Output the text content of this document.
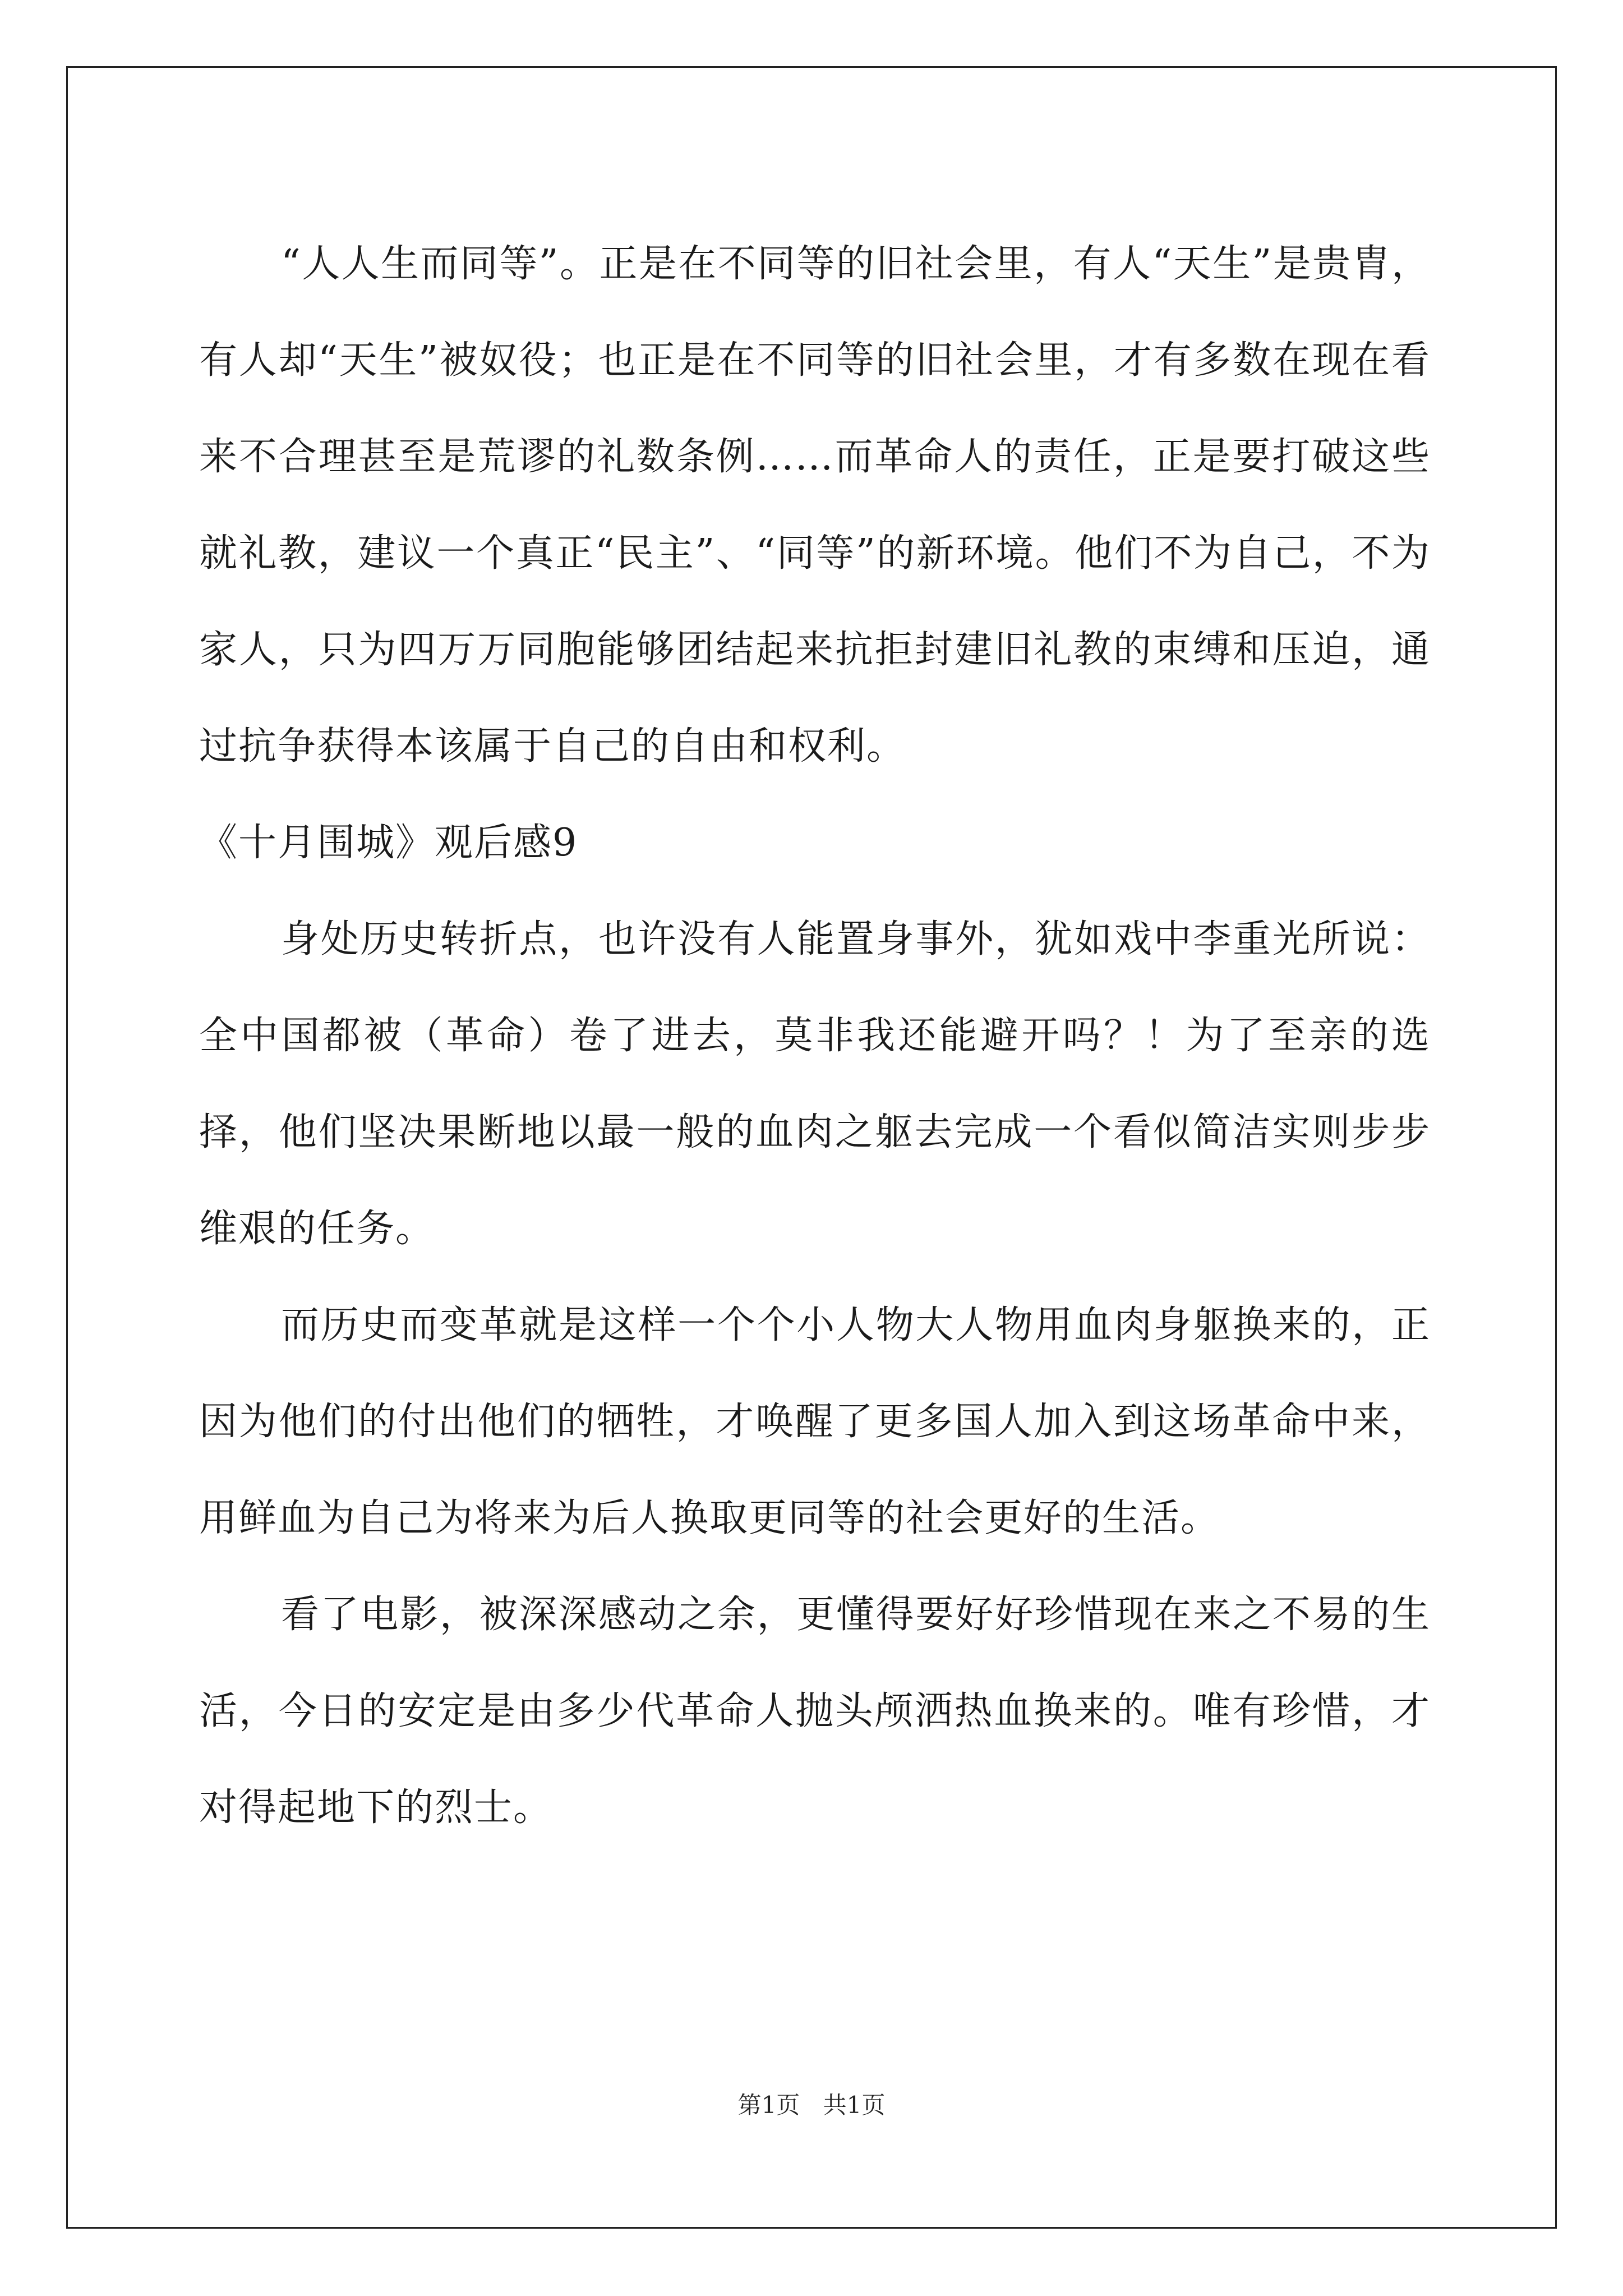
“人人生而同等”。正是在不同等的旧社会里，有人“天生”是贵胄，有人却“天生”被奴役；也正是在不同等的旧社会里，才有多数在现在看来不合理甚至是荒谬的礼数条例……而革命人的责任，正是要打破这些就礼教，建议一个真正“民主”、“同等”的新环境。他们不为自己，不为家人，只为四万万同胞能够团结起来抗拒封建旧礼教的束缚和压迫，通过抗争获得本该属于自己的自由和权利。

《十月围城》观后感9

身处历史转折点，也许没有人能置身事外，犹如戏中李重光所说：全中国都被（革命）卷了进去，莫非我还能避开吗？！为了至亲的选择，他们坚决果断地以最一般的血肉之躯去完成一个看似简洁实则步步维艰的任务。

而历史而变革就是这样一个个小人物大人物用血肉身躯换来的，正因为他们的付出他们的牺牲，才唤醒了更多国人加入到这场革命中来，用鲜血为自己为将来为后人换取更同等的社会更好的生活。

看了电影，被深深感动之余，更懂得要好好珍惜现在来之不易的生活，今日的安定是由多少代革命人抛头颅洒热血换来的。唯有珍惜，才对得起地下的烈士。

第1页 共1页
